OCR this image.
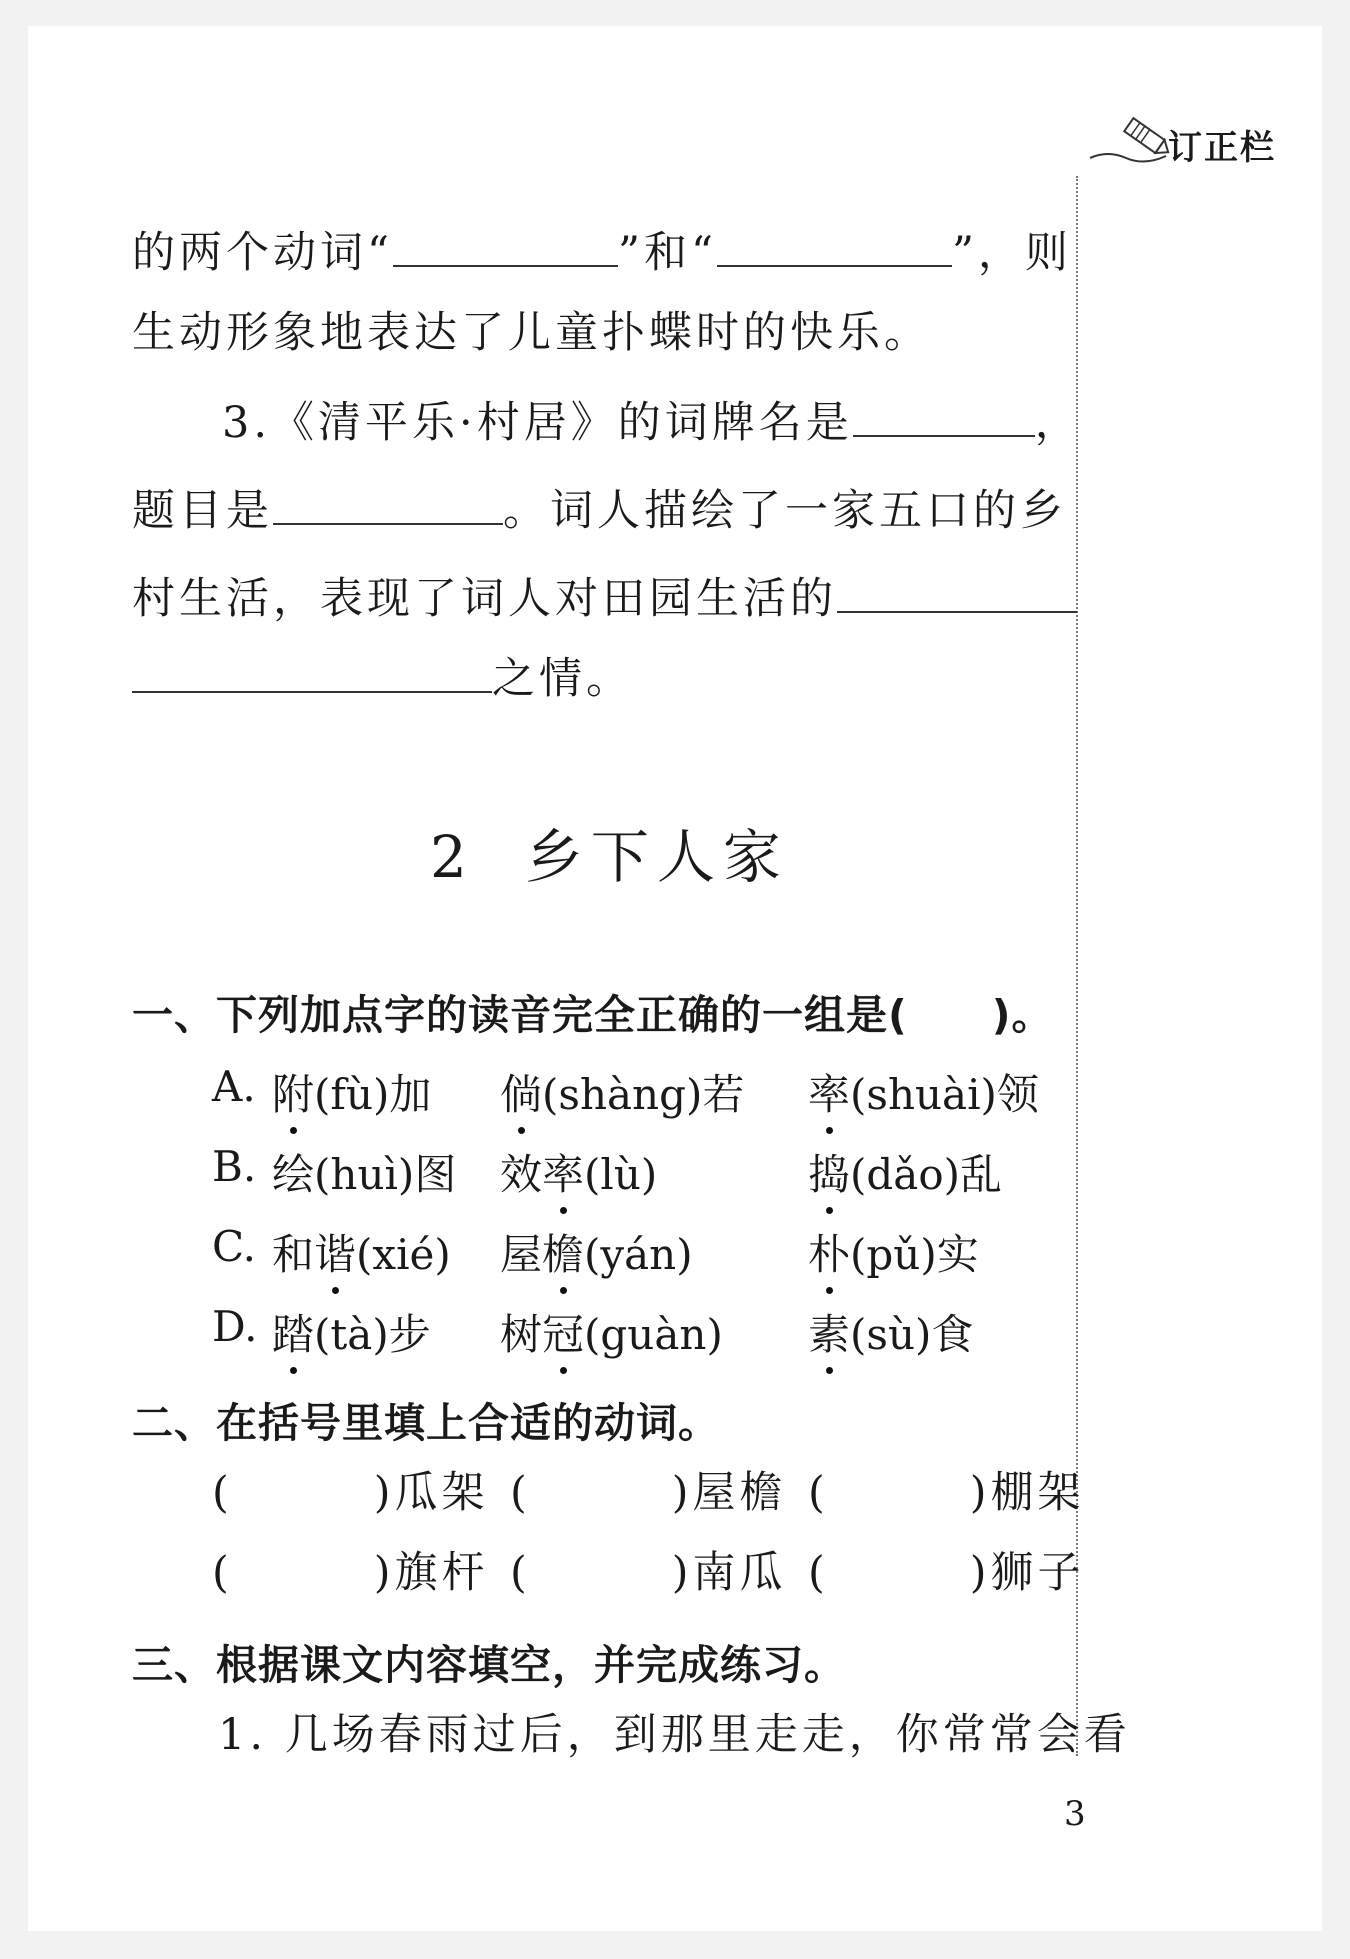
订正栏
的两个动词“	”和“	”，则
生动形象地表达了儿童扑蝶时的快乐。
3.《清平乐·村居》的词牌名是	，
题目是	。词人描绘了一家五口的乡
村生活，表现了词人对田园生活的
之情。
2 乡下人家
一、下列加点字的读音完全正确的一组是(　　)。
A. 附(fù)加 倘(shàng)若 率(shuài)领
B. 绘(huì)图 效率(lù)	捣(dǎo)乱
C. 和谐(xié) 屋檐(yán)	朴(pǔ)实
D. 踏(tà)步 树冠(guàn) 素(sù)食
二、在括号里填上合适的动词。
(　　　)瓜架 (　　　)屋檐 (　　　)棚架
(　　　)旗杆 (　　　)南瓜 (　　　)狮子
三、根据课文内容填空，并完成练习。
1. 几场春雨过后，到那里走走，你常常会看
3
